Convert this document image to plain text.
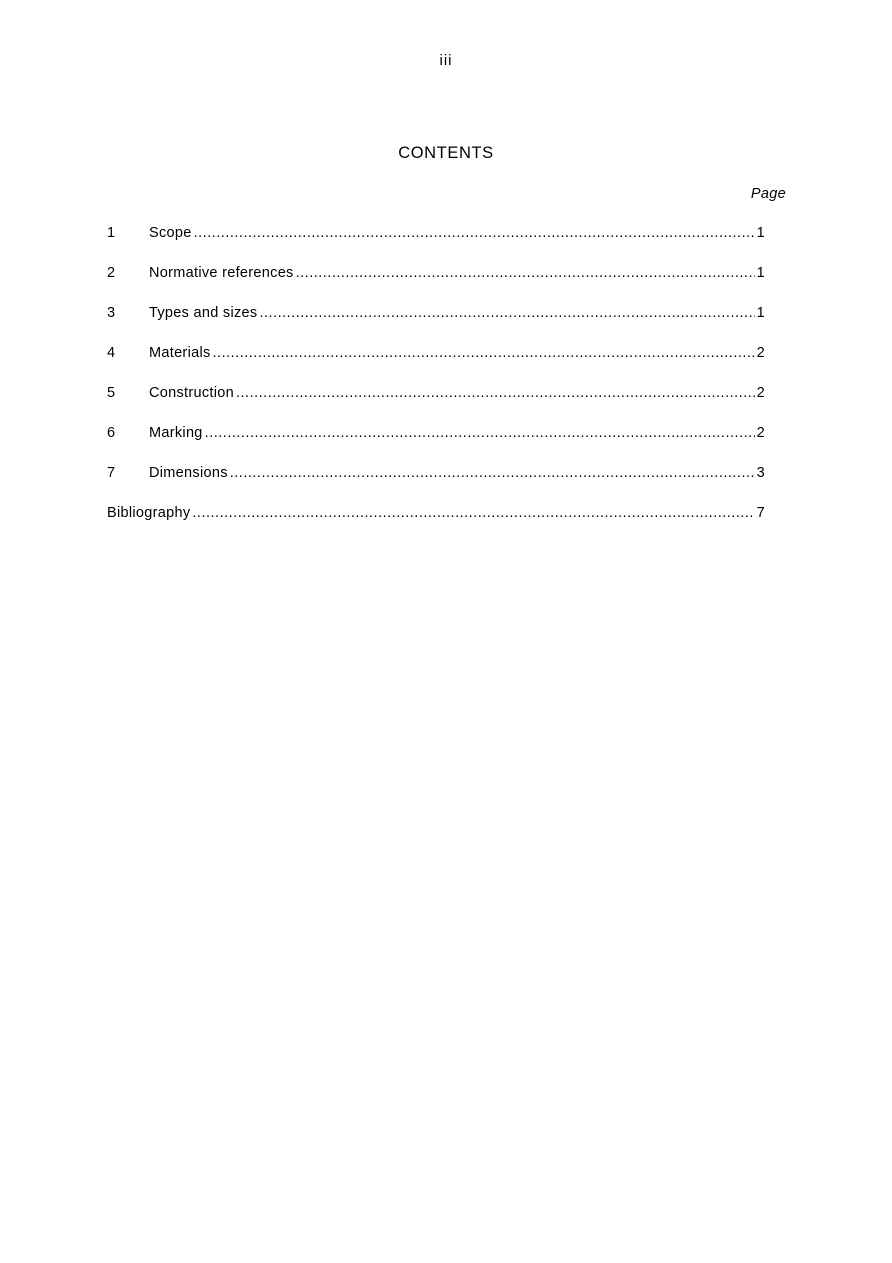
iii
CONTENTS
Page
1	Scope .....	1
2	Normative references .....	1
3	Types and sizes .....	1
4	Materials .....	2
5	Construction .....	2
6	Marking .....	2
7	Dimensions .....	3
Bibliography .....	7
